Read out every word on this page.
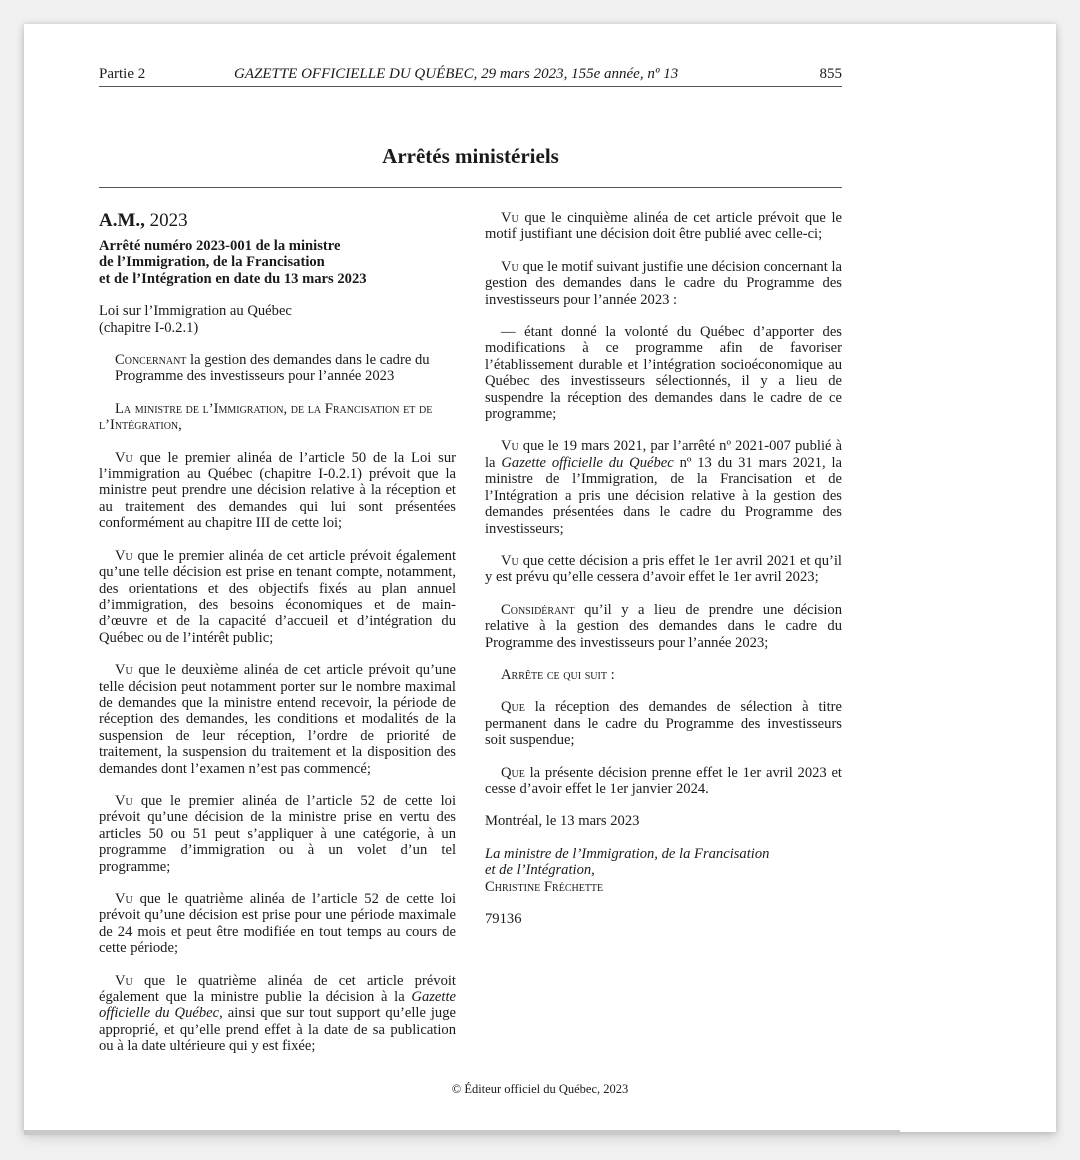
Partie 2	GAZETTE OFFICIELLE DU QUÉBEC, 29 mars 2023, 155e année, nº 13	855
Arrêtés ministériels

A.M., 2023

Arrêté numéro 2023-001 de la ministre
de l’Immigration, de la Francisation
et de l’Intégration en date du 13 mars 2023

Loi sur l’Immigration au Québec
(chapitre I-0.2.1)

Concernant la gestion des demandes dans le cadre du Programme des investisseurs pour l’année 2023

La ministre de l’Immigration, de la Francisation et de l’Intégration,

Vu que le premier alinéa de l’article 50 de la Loi sur l’immigration au Québec (chapitre I-0.2.1) prévoit que la ministre peut prendre une décision relative à la réception et au traitement des demandes qui lui sont présentées conformément au chapitre III de cette loi;

Vu que le premier alinéa de cet article prévoit également qu’une telle décision est prise en tenant compte, notamment, des orientations et des objectifs fixés au plan annuel d’immigration, des besoins économiques et de main-d’œuvre et de la capacité d’accueil et d’intégration du Québec ou de l’intérêt public;

Vu que le deuxième alinéa de cet article prévoit qu’une telle décision peut notamment porter sur le nombre maximal de demandes que la ministre entend recevoir, la période de réception des demandes, les conditions et modalités de la suspension de leur réception, l’ordre de priorité de traitement, la suspension du traitement et la disposition des demandes dont l’examen n’est pas commencé;

Vu que le premier alinéa de l’article 52 de cette loi prévoit qu’une décision de la ministre prise en vertu des articles 50 ou 51 peut s’appliquer à une catégorie, à un programme d’immigration ou à un volet d’un tel programme;

Vu que le quatrième alinéa de l’article 52 de cette loi prévoit qu’une décision est prise pour une période maximale de 24 mois et peut être modifiée en tout temps au cours de cette période;

Vu que le quatrième alinéa de cet article prévoit également que la ministre publie la décision à la Gazette officielle du Québec, ainsi que sur tout support qu’elle juge approprié, et qu’elle prend effet à la date de sa publication ou à la date ultérieure qui y est fixée;

Vu que le cinquième alinéa de cet article prévoit que le motif justifiant une décision doit être publié avec celle-ci;

Vu que le motif suivant justifie une décision concernant la gestion des demandes dans le cadre du Programme des investisseurs pour l’année 2023 :

— étant donné la volonté du Québec d’apporter des modifications à ce programme afin de favoriser l’établissement durable et l’intégration socioéconomique au Québec des investisseurs sélectionnés, il y a lieu de suspendre la réception des demandes dans le cadre de ce programme;

Vu que le 19 mars 2021, par l’arrêté nº 2021-007 publié à la Gazette officielle du Québec nº 13 du 31 mars 2021, la ministre de l’Immigration, de la Francisation et de l’Intégration a pris une décision relative à la gestion des demandes présentées dans le cadre du Programme des investisseurs;

Vu que cette décision a pris effet le 1er avril 2021 et qu’il y est prévu qu’elle cessera d’avoir effet le 1er avril 2023;

Considérant qu’il y a lieu de prendre une décision relative à la gestion des demandes dans le cadre du Programme des investisseurs pour l’année 2023;

Arrête ce qui suit :

Que la réception des demandes de sélection à titre permanent dans le cadre du Programme des investisseurs soit suspendue;

Que la présente décision prenne effet le 1er avril 2023 et cesse d’avoir effet le 1er janvier 2024.

Montréal, le 13 mars 2023

La ministre de l’Immigration, de la Francisation
et de l’Intégration,
Christine Fréchette

79136

© Éditeur officiel du Québec, 2023
